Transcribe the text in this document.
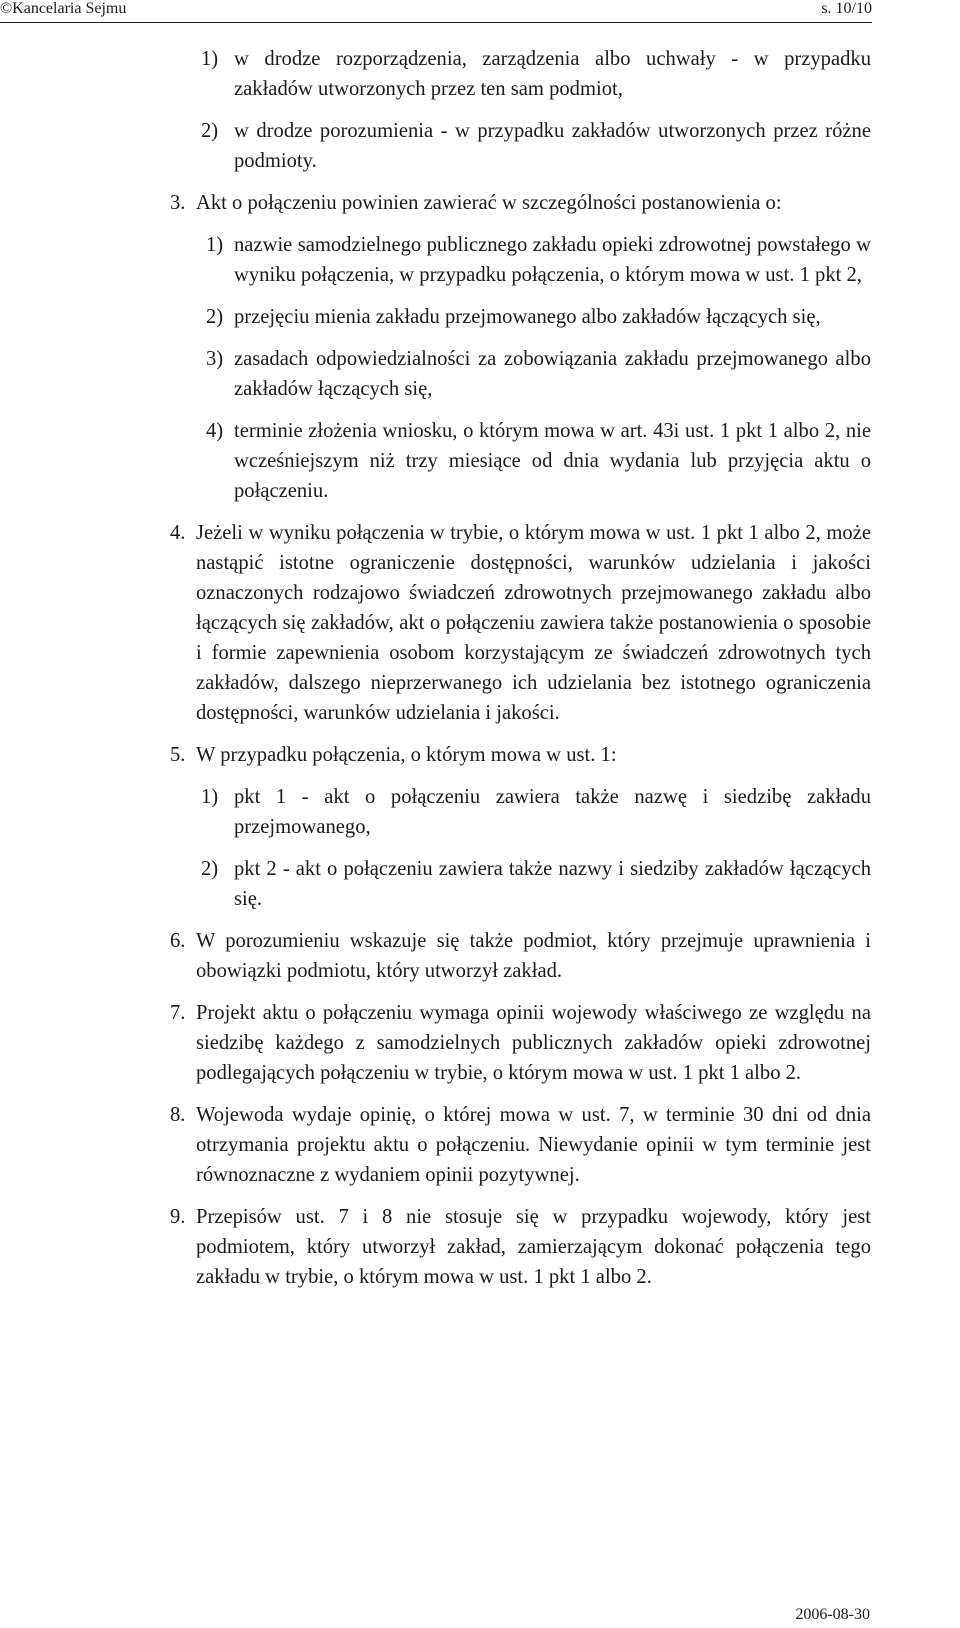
©Kancelaria Sejmu	s. 10/10
1) w drodze rozporządzenia, zarządzenia albo uchwały - w przypadku zakładów utworzonych przez ten sam podmiot,
2) w drodze porozumienia - w przypadku zakładów utworzonych przez różne podmioty.
3. Akt o połączeniu powinien zawierać w szczególności postanowienia o:
1) nazwie samodzielnego publicznego zakładu opieki zdrowotnej powstałego w wyniku połączenia, w przypadku połączenia, o którym mowa w ust. 1 pkt 2,
2) przejęciu mienia zakładu przejmowanego albo zakładów łączących się,
3) zasadach odpowiedzialności za zobowiązania zakładu przejmowanego albo zakładów łączących się,
4) terminie złożenia wniosku, o którym mowa w art. 43i ust. 1 pkt 1 albo 2, nie wcześniejszym niż trzy miesiące od dnia wydania lub przyjęcia aktu o połączeniu.
4. Jeżeli w wyniku połączenia w trybie, o którym mowa w ust. 1 pkt 1 albo 2, może nastąpić istotne ograniczenie dostępności, warunków udzielania i jakości oznaczonych rodzajowo świadczeń zdrowotnych przejmowanego zakładu albo łączących się zakładów, akt o połączeniu zawiera także postanowienia o sposobie i formie zapewnienia osobom korzystającym ze świadczeń zdrowotnych tych zakładów, dalszego nieprzerwanego ich udzielania bez istotnego ograniczenia dostępności, warunków udzielania i jakości.
5. W przypadku połączenia, o którym mowa w ust. 1:
1) pkt 1 - akt o połączeniu zawiera także nazwę i siedzibę zakładu przejmowanego,
2) pkt 2 - akt o połączeniu zawiera także nazwy i siedziby zakładów łączących się.
6. W porozumieniu wskazuje się także podmiot, który przejmuje uprawnienia i obowiązki podmiotu, który utworzył zakład.
7. Projekt aktu o połączeniu wymaga opinii wojewody właściwego ze względu na siedzibę każdego z samodzielnych publicznych zakładów opieki zdrowotnej podlegających połączeniu w trybie, o którym mowa w ust. 1 pkt 1 albo 2.
8. Wojewoda wydaje opinię, o której mowa w ust. 7, w terminie 30 dni od dnia otrzymania projektu aktu o połączeniu. Niewydanie opinii w tym terminie jest równoznaczne z wydaniem opinii pozytywnej.
9. Przepisów ust. 7 i 8 nie stosuje się w przypadku wojewody, który jest podmiotem, który utworzył zakład, zamierzającym dokonać połączenia tego zakładu w trybie, o którym mowa w ust. 1 pkt 1 albo 2.
2006-08-30
